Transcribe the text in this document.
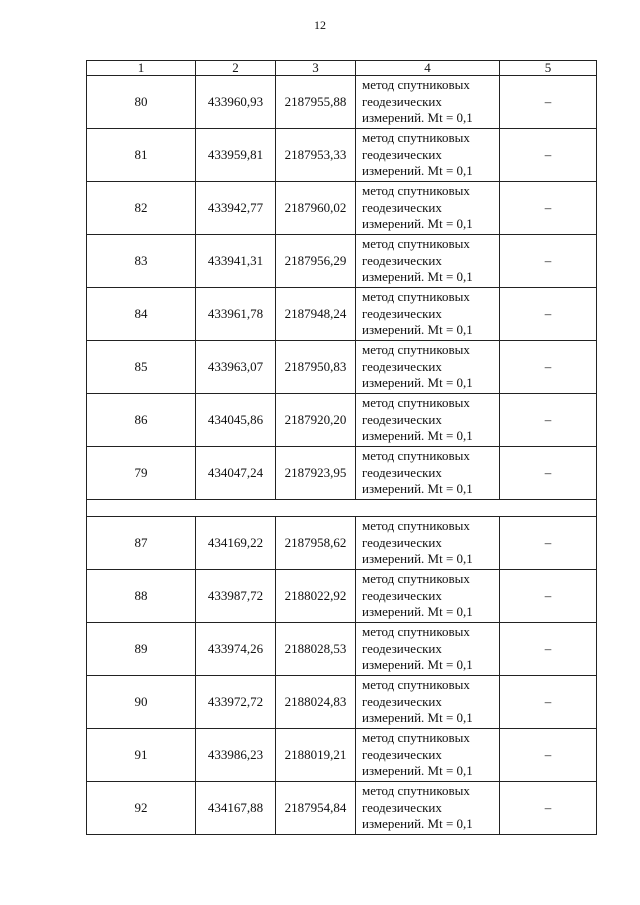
12
1	2	3	4	5
80	433960,93	2187955,88	метод спутниковых
геодезических
измерений. Mt = 0,1	–
81	433959,81	2187953,33	метод спутниковых
геодезических
измерений. Mt = 0,1	–
82	433942,77	2187960,02	метод спутниковых
геодезических
измерений. Mt = 0,1	–
83	433941,31	2187956,29	метод спутниковых
геодезических
измерений. Mt = 0,1	–
84	433961,78	2187948,24	метод спутниковых
геодезических
измерений. Mt = 0,1	–
85	433963,07	2187950,83	метод спутниковых
геодезических
измерений. Mt = 0,1	–
86	434045,86	2187920,20	метод спутниковых
геодезических
измерений. Mt = 0,1	–
79	434047,24	2187923,95	метод спутниковых
геодезических
измерений. Mt = 0,1	–

87	434169,22	2187958,62	метод спутниковых
геодезических
измерений. Mt = 0,1	–
88	433987,72	2188022,92	метод спутниковых
геодезических
измерений. Mt = 0,1	–
89	433974,26	2188028,53	метод спутниковых
геодезических
измерений. Mt = 0,1	–
90	433972,72	2188024,83	метод спутниковых
геодезических
измерений. Mt = 0,1	–
91	433986,23	2188019,21	метод спутниковых
геодезических
измерений. Mt = 0,1	–
92	434167,88	2187954,84	метод спутниковых
геодезических
измерений. Mt = 0,1	–
